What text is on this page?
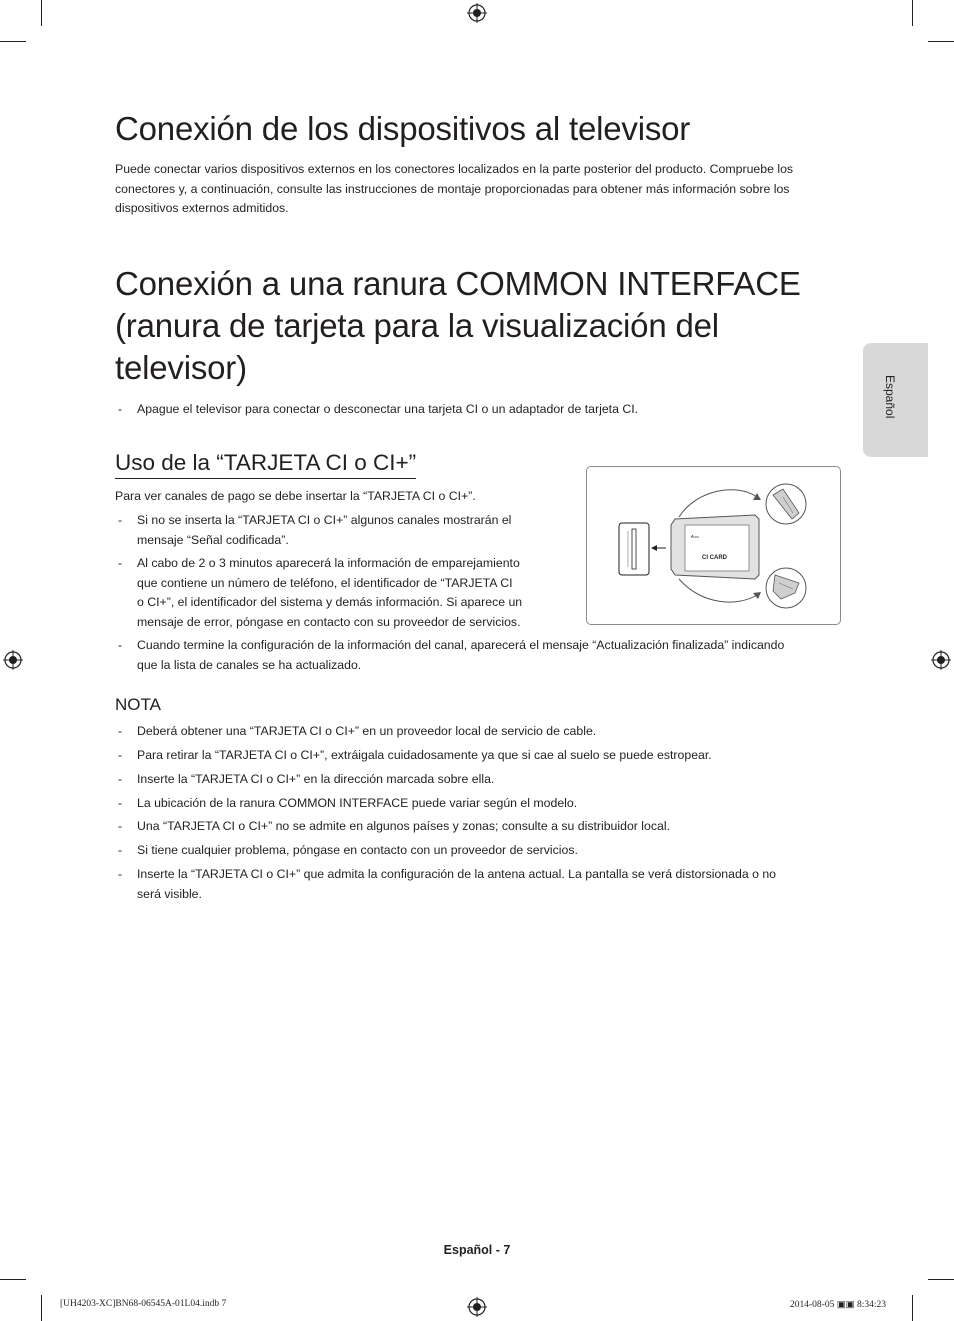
Conexión de los dispositivos al televisor
Puede conectar varios dispositivos externos en los conectores localizados en la parte posterior del producto. Compruebe los
conectores y, a continuación, consulte las instrucciones de montaje proporcionadas para obtener más información sobre los
dispositivos externos admitidos.
Conexión a una ranura COMMON INTERFACE
(ranura de tarjeta para la visualización del
televisor)
- Apague el televisor para conectar o desconectar una tarjeta CI o un adaptador de tarjeta CI.	Español
Uso de la “TARJETA CI o CI+”
Para ver canales de pago se debe insertar la “TARJETA CI o CI+”.
- Si no se inserta la “TARJETA CI o CI+” algunos canales mostrarán el
mensaje “Señal codificada”.
- Al cabo de 2 o 3 minutos aparecerá la información de emparejamiento
que contiene un número de teléfono, el identificador de “TARJETA CI
o CI+”, el identificador del sistema y demás información. Si aparece un
mensaje de error, póngase en contacto con su proveedor de servicios.
- Cuando termine la configuración de la información del canal, aparecerá el mensaje “Actualización finalizada” indicando
que la lista de canales se ha actualizado.
CI CARD
NOTA
- Deberá obtener una “TARJETA CI o CI+” en un proveedor local de servicio de cable.
- Para retirar la “TARJETA CI o CI+”, extráigala cuidadosamente ya que si cae al suelo se puede estropear.
- Inserte la “TARJETA CI o CI+” en la dirección marcada sobre ella.
- La ubicación de la ranura COMMON INTERFACE puede variar según el modelo.
- Una “TARJETA CI o CI+” no se admite en algunos países y zonas; consulte a su distribuidor local.
- Si tiene cualquier problema, póngase en contacto con un proveedor de servicios.
- Inserte la “TARJETA CI o CI+” que admita la configuración de la antena actual. La pantalla se verá distorsionada o no
será visible.
Español - 7
[UH4203-XC]BN68-06545A-01L04.indb 7	2014-08-05 ▣▣ 8:34:23
